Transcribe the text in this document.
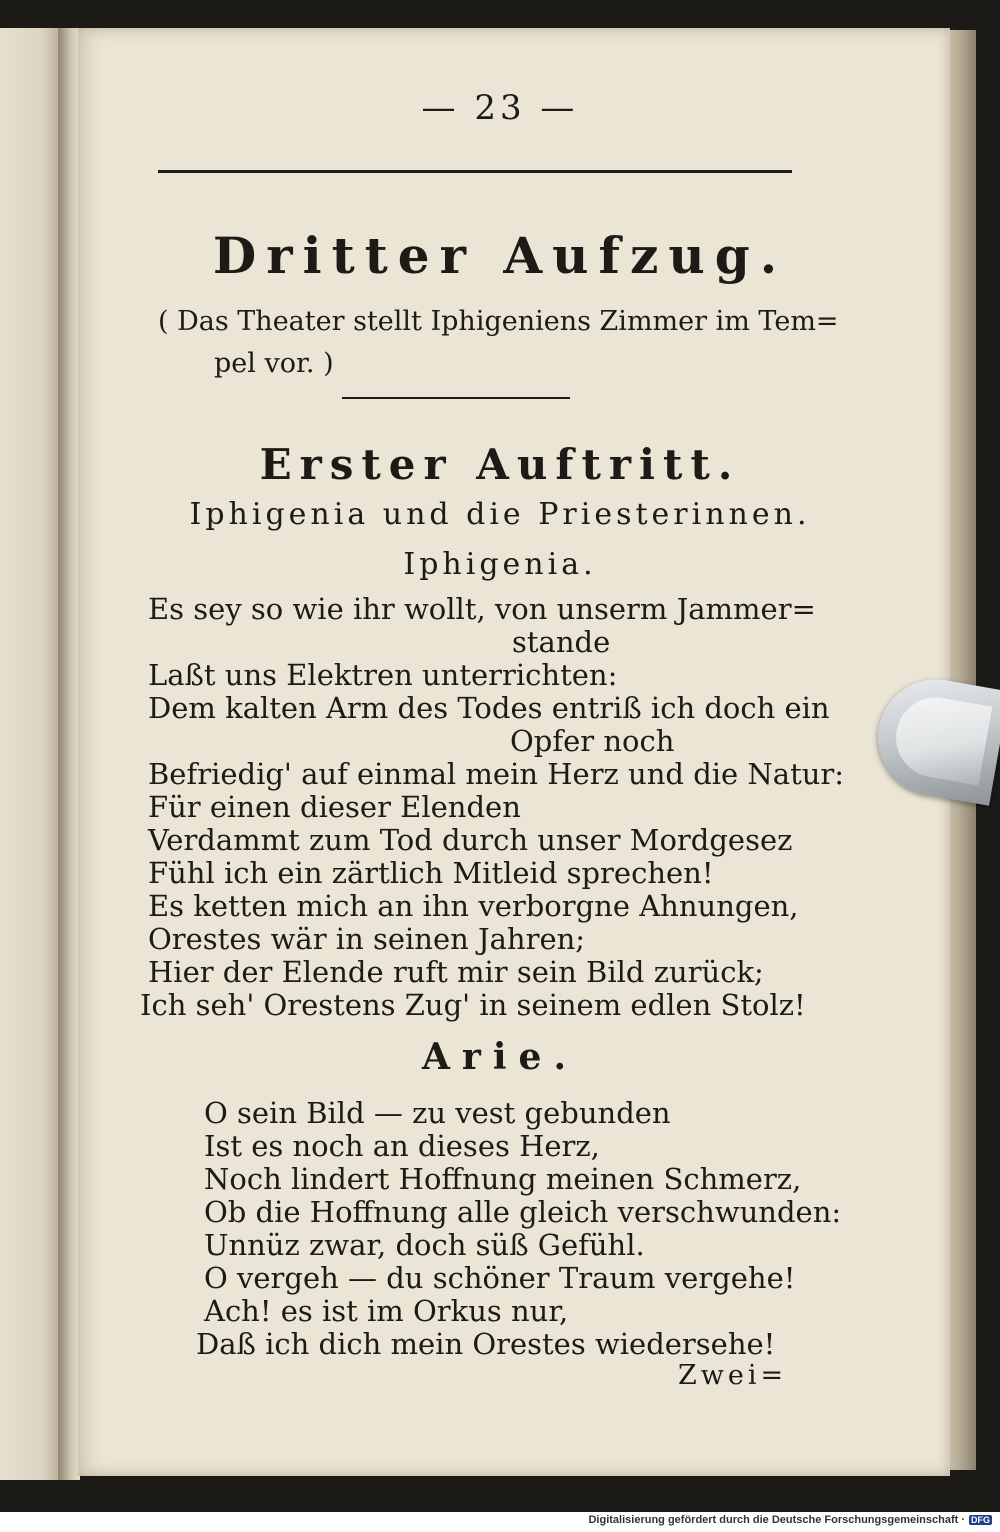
— 23 —

Dritter Aufzug.

( Das Theater stellt Iphigeniens Zimmer im Tem=

pel vor. )

Erster Auftritt.

Iphigenia und die Priesterinnen.

Iphigenia.

Es sey so wie ihr wollt, von unserm Jammer=

stande

Laßt uns Elektren unterrichten:

Dem kalten Arm des Todes entriß ich doch ein

Opfer noch

Befriedig' auf einmal mein Herz und die Natur:

Für einen dieser Elenden

Verdammt zum Tod durch unser Mordgesez

Fühl ich ein zärtlich Mitleid sprechen!

Es ketten mich an ihn verborgne Ahnungen,

Orestes wär in seinen Jahren;

Hier der Elende ruft mir sein Bild zurück;

Ich seh' Orestens Zug' in seinem edlen Stolz!

Arie.

O sein Bild — zu vest gebunden

Ist es noch an dieses Herz,

Noch lindert Hoffnung meinen Schmerz,

Ob die Hoffnung alle gleich verschwunden:

Unnüz zwar, doch süß Gefühl.

O vergeh — du schöner Traum vergehe!

Ach! es ist im Orkus nur,

Daß ich dich mein Orestes wiedersehe!

Zwei=

Digitalisierung gefördert durch die Deutsche Forschungsgemeinschaft · DFG
